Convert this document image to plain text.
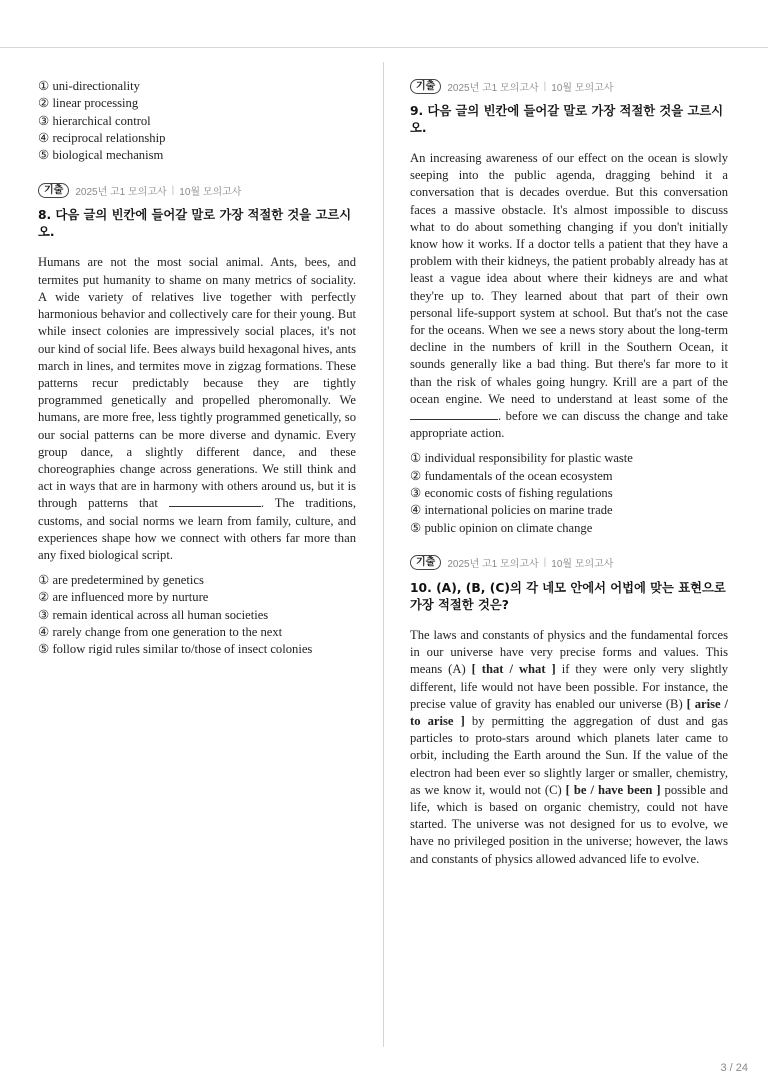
① uni-directionality
② linear processing
③ hierarchical control
④ reciprocal relationship
⑤ biological mechanism
기출	2025년 고1 모의고사 | 10월 모의고사

8. 다음 글의 빈칸에 들어갈 말로 가장 적절한 것을 고르시오.

Humans are not the most social animal. Ants, bees, and termites put humanity to shame on many metrics of sociality. A wide variety of relatives live together with perfectly harmonious behavior and collectively care for their young. But while insect colonies are impressively social places, it's not our kind of social life. Bees always build hexagonal hives, ants march in lines, and termites move in zigzag formations. These patterns recur predictably because they are tightly programmed genetically and propelled pheromonally. We humans, are more free, less tightly programmed genetically, so our social patterns can be more diverse and dynamic. Every group dance, a slightly different dance, and these choreographies change across generations. We still think and act in ways that are in harmony with others around us, but it is through patterns that	. The traditions, customs, and social norms we learn from family, culture, and experiences shape how we connect with others far more than any fixed biological script.

① are predetermined by genetics
② are influenced more by nurture
③ remain identical across all human societies
④ rarely change from one generation to the next
⑤ follow rigid rules similar to/those of insect colonies
기출	2025년 고1 모의고사 | 10월 모의고사

9. 다음 글의 빈칸에 들어갈 말로 가장 적절한 것을 고르시오.

An increasing awareness of our effect on the ocean is slowly seeping into the public agenda, dragging behind it a conversation that is decades overdue. But this conversation faces a massive obstacle. It's almost impossible to discuss what to do about something changing if you don't initially know how it works. If a doctor tells a patient that they have a problem with their kidneys, the patient probably already has at least a vague idea about where their kidneys are and what they're up to. They learned about that part of their own personal life-support system at school. But that's not the case for the oceans. When we see a news story about the long-term decline in the numbers of krill in the Southern Ocean, it sounds generally like a bad thing. But there's far more to it than the risk of whales going hungry. Krill are a part of the ocean engine. We need to understand at least some of the . before we can discuss the change and take appropriate action.

① individual responsibility for plastic waste
② fundamentals of the ocean ecosystem
③ economic costs of fishing regulations
④ international policies on marine trade
⑤ public opinion on climate change
기출	2025년 고1 모의고사 | 10월 모의고사

10. (A), (B, (C)의 각 네모 안에서 어법에 맞는 표현으로 가장 적절한 것은?

The laws and constants of physics and the fundamental forces in our universe have very precise forms and values. This means (A) [ that / what ] if they were only very slightly different, life would not have been possible. For instance, the precise value of gravity has enabled our universe (B) [ arise / to arise ] by permitting the aggregation of dust and gas particles to proto-stars around which planets later came to orbit, including the Earth around the Sun. If the value of the electron had been ever so slightly larger or smaller, chemistry, as we know it, would not (C) [ be / have been ] possible and life, which is based on organic chemistry, could not have started. The universe was not designed for us to evolve, we have no privileged position in the universe; however, the laws and constants of physics allowed advanced life to evolve.

3 / 24
